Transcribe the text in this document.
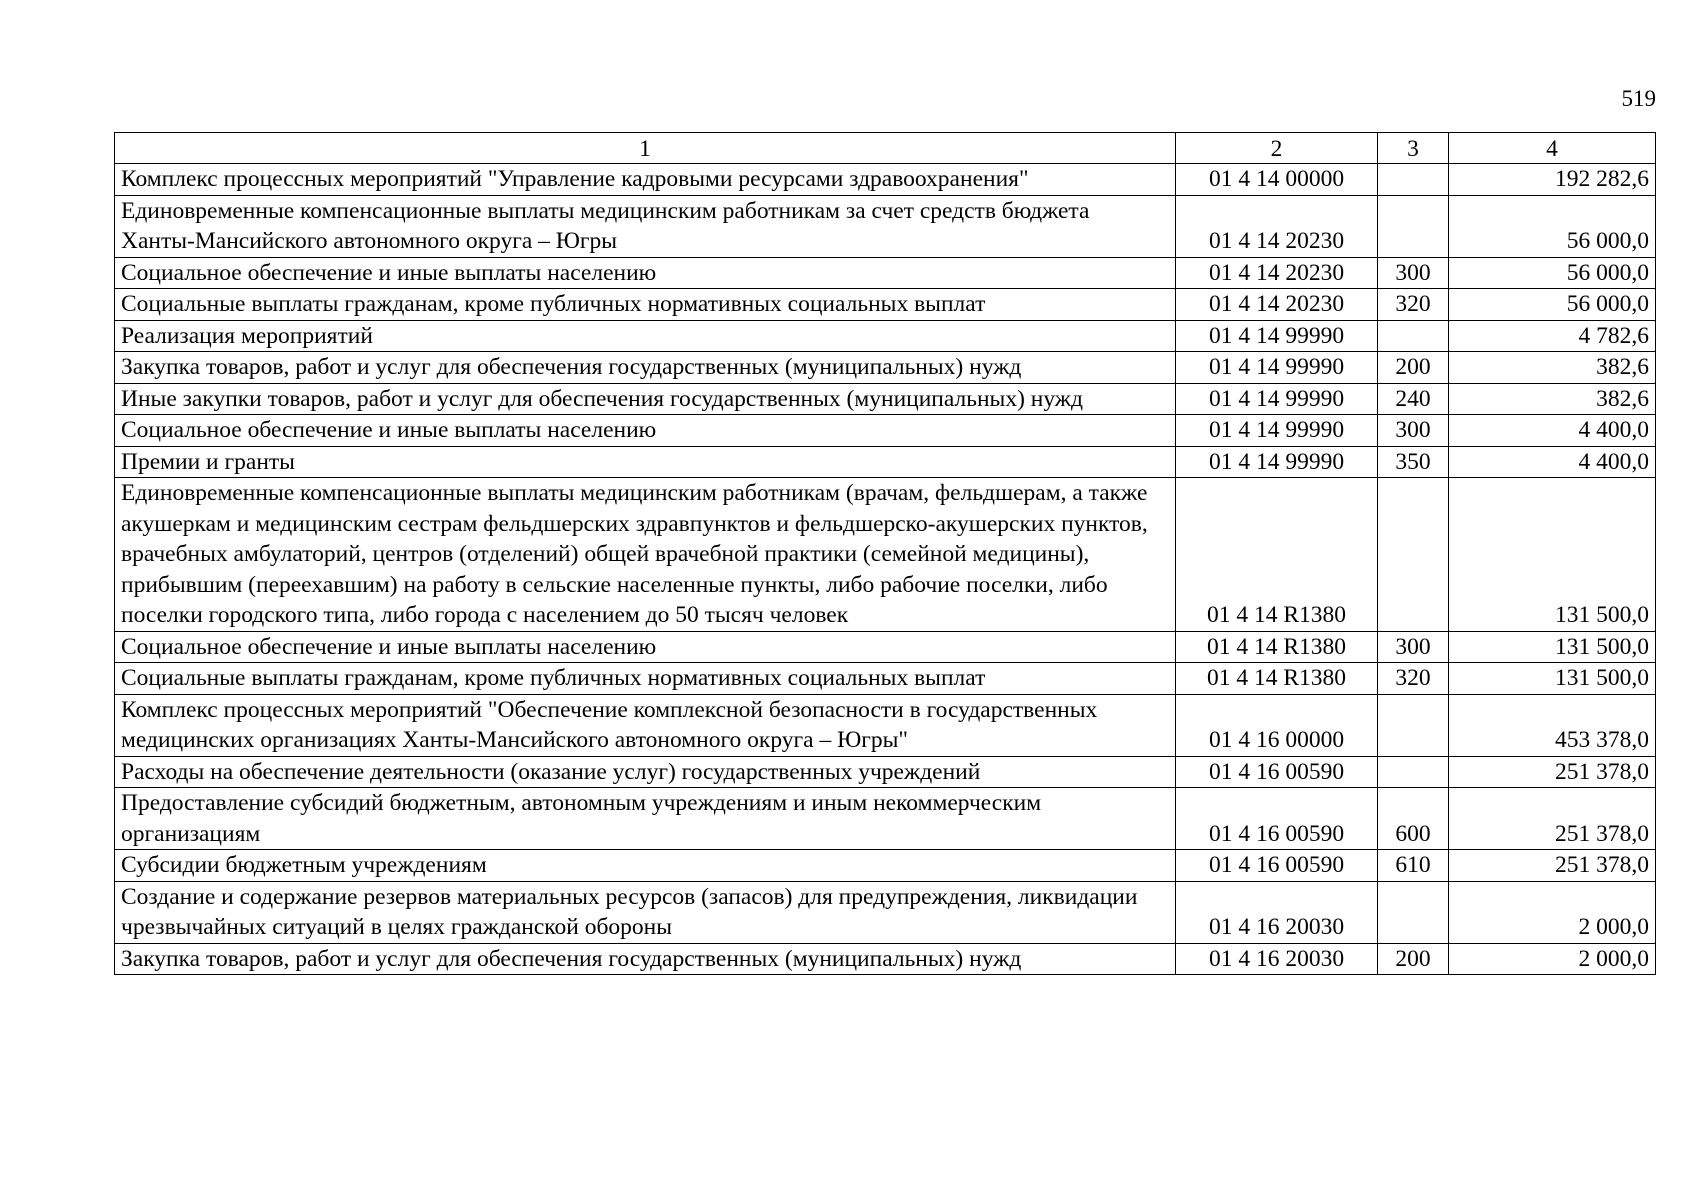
519
1	2	3	4
Комплекс процессных мероприятий "Управление кадровыми ресурсами здравоохранения"	01 4 14 00000		192 282,6
Единовременные компенсационные выплаты медицинским работникам за счет средств бюджета Ханты-Мансийского автономного округа – Югры	01 4 14 20230		56 000,0
Социальное обеспечение и иные выплаты населению	01 4 14 20230	300	56 000,0
Социальные выплаты гражданам, кроме публичных нормативных социальных выплат	01 4 14 20230	320	56 000,0
Реализация мероприятий	01 4 14 99990		4 782,6
Закупка товаров, работ и услуг для обеспечения государственных (муниципальных) нужд	01 4 14 99990	200	382,6
Иные закупки товаров, работ и услуг для обеспечения государственных (муниципальных) нужд	01 4 14 99990	240	382,6
Социальное обеспечение и иные выплаты населению	01 4 14 99990	300	4 400,0
Премии и гранты	01 4 14 99990	350	4 400,0
Единовременные компенсационные выплаты медицинским работникам (врачам, фельдшерам, а также акушеркам и медицинским сестрам фельдшерских здравпунктов и фельдшерско-акушерских пунктов, врачебных амбулаторий, центров (отделений) общей врачебной практики (семейной медицины), прибывшим (переехавшим) на работу в сельские населенные пункты, либо рабочие поселки, либо поселки городского типа, либо города с населением до 50 тысяч человек	01 4 14 R1380		131 500,0
Социальное обеспечение и иные выплаты населению	01 4 14 R1380	300	131 500,0
Социальные выплаты гражданам, кроме публичных нормативных социальных выплат	01 4 14 R1380	320	131 500,0
Комплекс процессных мероприятий "Обеспечение комплексной безопасности в государственных медицинских организациях Ханты-Мансийского автономного округа – Югры"	01 4 16 00000		453 378,0
Расходы на обеспечение деятельности (оказание услуг) государственных учреждений	01 4 16 00590		251 378,0
Предоставление субсидий бюджетным, автономным учреждениям и иным некоммерческим организациям	01 4 16 00590	600	251 378,0
Субсидии бюджетным учреждениям	01 4 16 00590	610	251 378,0
Создание и содержание резервов материальных ресурсов (запасов) для предупреждения, ликвидации чрезвычайных ситуаций в целях гражданской обороны	01 4 16 20030		2 000,0
Закупка товаров, работ и услуг для обеспечения государственных (муниципальных) нужд	01 4 16 20030	200	2 000,0
